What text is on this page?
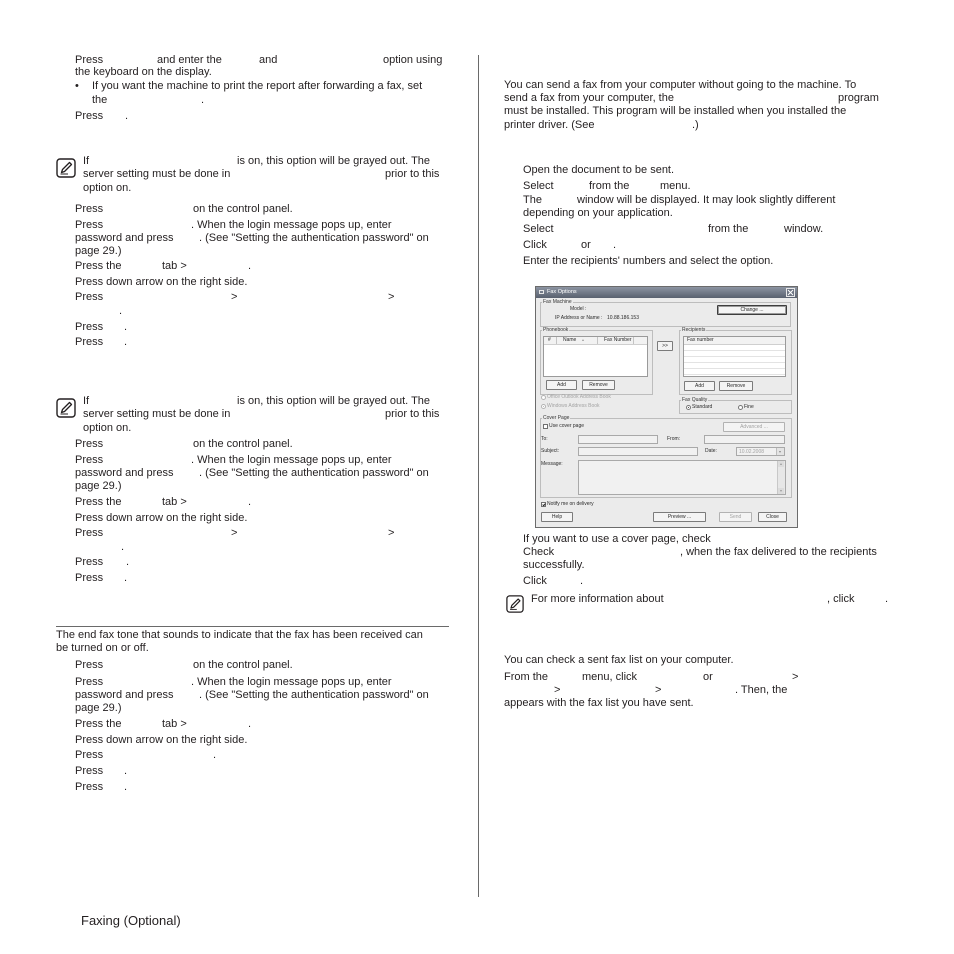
Press	and enter the	and	option using
the keyboard on the display.
• If you want the machine to print the report after forwarding a fax, set
the	.
Press .
If	is on, this option will be grayed out. The
server setting must be done in	prior to this
option on.
Press	on the control panel.
Press	. When the login message pops up, enter
password and press . (See "Setting the authentication password" on
page 29.)
Press the	tab >	.
Press down arrow on the right side.
Press	>	>
.
Press .
Press .
If	is on, this option will be grayed out. The
server setting must be done in	prior to this
option on.
Press	on the control panel.
Press	. When the login message pops up, enter
password and press . (See "Setting the authentication password" on
page 29.)
Press the	tab >	.
Press down arrow on the right side.
Press	>	>
.
Press .
Press .
The end fax tone that sounds to indicate that the fax has been received can
be turned on or off.
Press	on the control panel.
Press	. When the login message pops up, enter
password and press . (See "Setting the authentication password" on
page 29.)
Press the	tab >	.
Press down arrow on the right side.
Press	.
Press .
Press .
Faxing (Optional)
You can send a fax from your computer without going to the machine. To
send a fax from your computer, the	program
must be installed. This program will be installed when you installed the
printer driver. (See	.)
Open the document to be sent.
Select	from the	menu.
The	window will be displayed. It may look slightly different
depending on your application.
Select	from the	window.
Click	or .
Enter the recipients' numbers and select the option.
Fax Options
Fax Machine
Model :
IP Address or Name : 10.88.186.153
Change ...
Phonebook
# Name	Fax Number
Add	Remove
Office Outlook Address Book
Windows Address Book
>>
Recipients
Fax number
Add	Remove
Fax Quality
Standard	Fine
Cover Page
Use cover page	Advanced ...
To:	From:
Subject:	Date:	10.02.2008
Message:
Notify me on delivery
Help	Preview ...	Send	Close
If you want to use a cover page, check
Check	, when the fax delivered to the recipients
successfully.
Click	.
For more information about	, click	.
You can check a sent fax list on your computer.
From the	menu, click	or	>
>	>	. Then, the
appears with the fax list you have sent.
